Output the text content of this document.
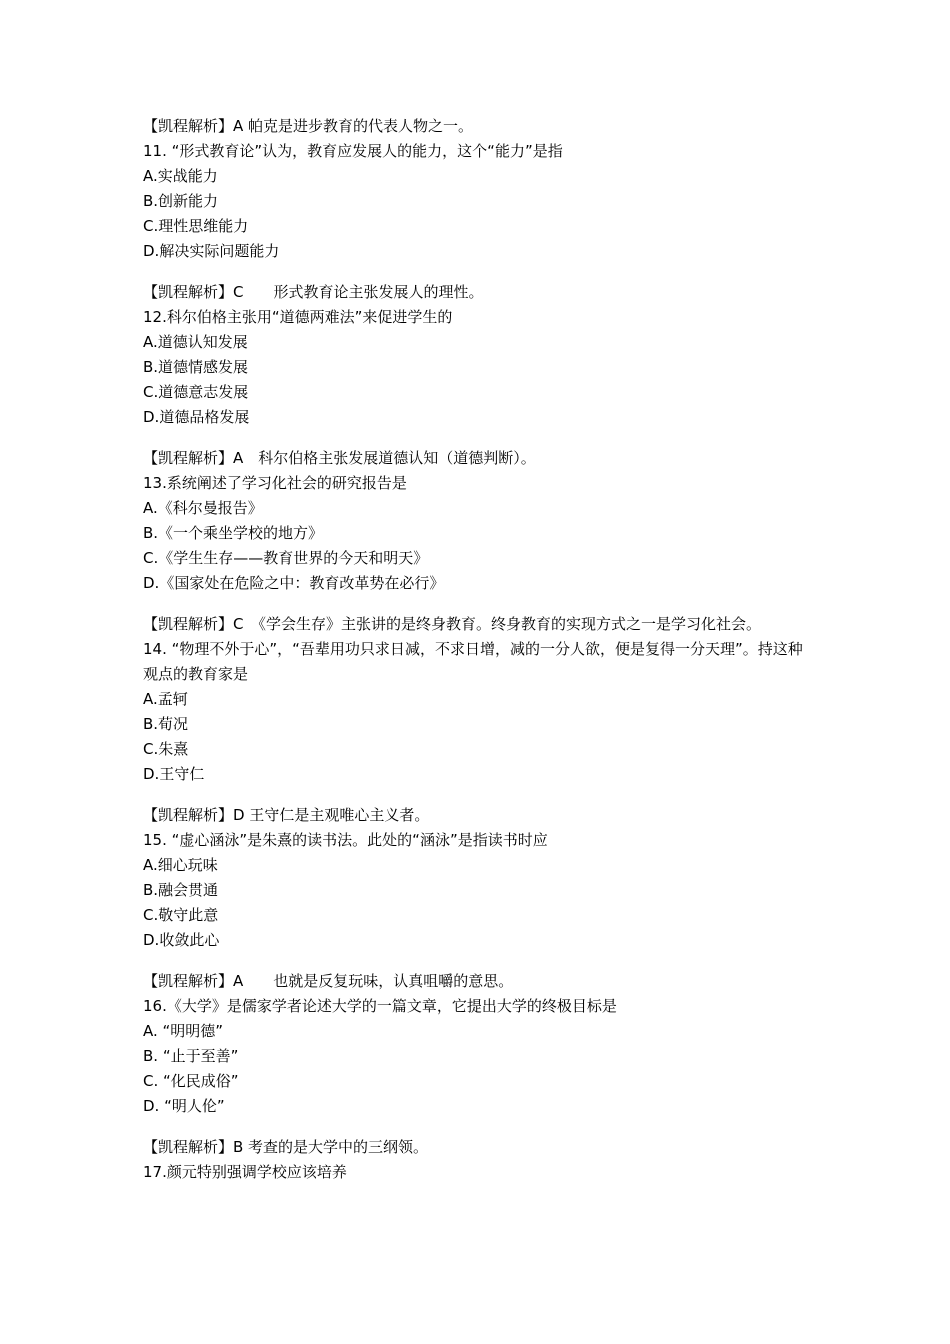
【凯程解析】A 帕克是进步教育的代表人物之一。
11. “形式教育论”认为，教育应发展人的能力，这个“能力”是指
A.实战能力
B.创新能力
C.理性思维能力
D.解决实际问题能力
【凯程解析】C　　形式教育论主张发展人的理性。
12.科尔伯格主张用“道德两难法”来促进学生的
A.道德认知发展
B.道德情感发展
C.道德意志发展
D.道德品格发展
【凯程解析】A　科尔伯格主张发展道德认知（道德判断）。
13.系统阐述了学习化社会的研究报告是
A.《科尔曼报告》
B.《一个乘坐学校的地方》
C.《学生生存——教育世界的今天和明天》
D.《国家处在危险之中：教育改革势在必行》
【凯程解析】C　《学会生存》主张讲的是终身教育。终身教育的实现方式之一是学习化社会。
14. “物理不外于心”，“吾辈用功只求日减，不求日增，减的一分人欲，便是复得一分天理”。持这种观点的教育家是
A.孟轲
B.荀况
C.朱熹
D.王守仁
【凯程解析】D 王守仁是主观唯心主义者。
15. “虚心涵泳”是朱熹的读书法。此处的“涵泳”是指读书时应
A.细心玩味
B.融会贯通
C.敬守此意
D.收敛此心
【凯程解析】A　　也就是反复玩味，认真咀嚼的意思。
16.《大学》是儒家学者论述大学的一篇文章，它提出大学的终极目标是
A. “明明德”
B. “止于至善”
C. “化民成俗”
D. “明人伦”
【凯程解析】B 考查的是大学中的三纲领。
17.颜元特别强调学校应该培养
